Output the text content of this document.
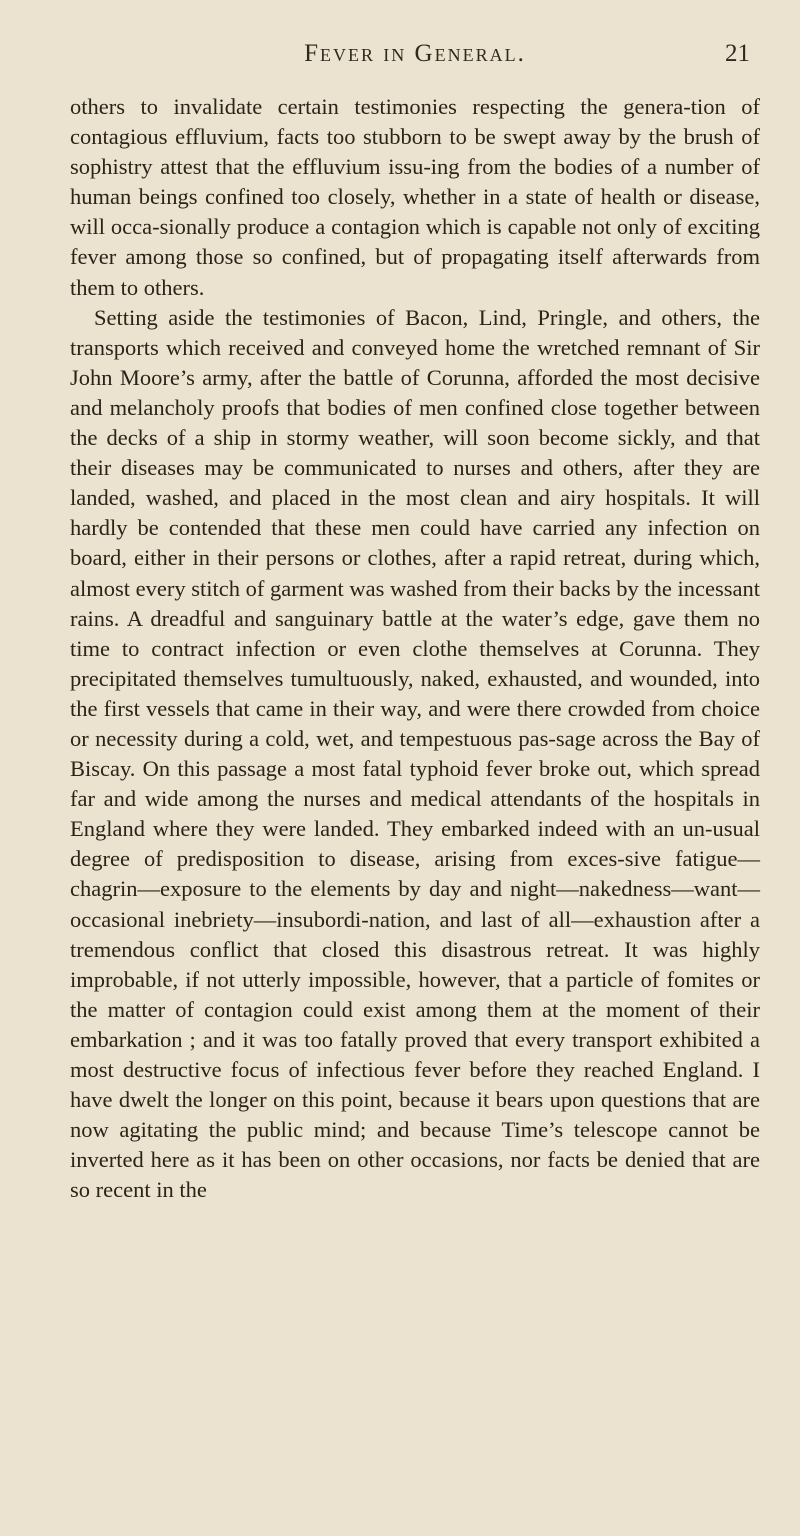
Fever in General.	21

others to invalidate certain testimonies respecting the genera-tion of contagious effluvium, facts too stubborn to be swept away by the brush of sophistry attest that the effluvium issu-ing from the bodies of a number of human beings confined too closely, whether in a state of health or disease, will occa-sionally produce a contagion which is capable not only of exciting fever among those so confined, but of propagating itself afterwards from them to others.

Setting aside the testimonies of Bacon, Lind, Pringle, and others, the transports which received and conveyed home the wretched remnant of Sir John Moore’s army, after the battle of Corunna, afforded the most decisive and melancholy proofs that bodies of men confined close together between the decks of a ship in stormy weather, will soon become sickly, and that their diseases may be communicated to nurses and others, after they are landed, washed, and placed in the most clean and airy hospitals. It will hardly be contended that these men could have carried any infection on board, either in their persons or clothes, after a rapid retreat, during which, almost every stitch of garment was washed from their backs by the incessant rains. A dreadful and sanguinary battle at the water’s edge, gave them no time to contract infection or even clothe themselves at Corunna. They precipitated themselves tumultuously, naked, exhausted, and wounded, into the first vessels that came in their way, and were there crowded from choice or necessity during a cold, wet, and tempestuous pas-sage across the Bay of Biscay. On this passage a most fatal typhoid fever broke out, which spread far and wide among the nurses and medical attendants of the hospitals in England where they were landed. They embarked indeed with an un-usual degree of predisposition to disease, arising from exces-sive fatigue—chagrin—exposure to the elements by day and night—nakedness—want— occasional inebriety—insubordi-nation, and last of all—exhaustion after a tremendous conflict that closed this disastrous retreat. It was highly improbable, if not utterly impossible, however, that a particle of fomites or the matter of contagion could exist among them at the moment of their embarkation ; and it was too fatally proved that every transport exhibited a most destructive focus of infectious fever before they reached England. I have dwelt the longer on this point, because it bears upon questions that are now agitating the public mind; and because Time’s telescope cannot be inverted here as it has been on other occasions, nor facts be denied that are so recent in the
